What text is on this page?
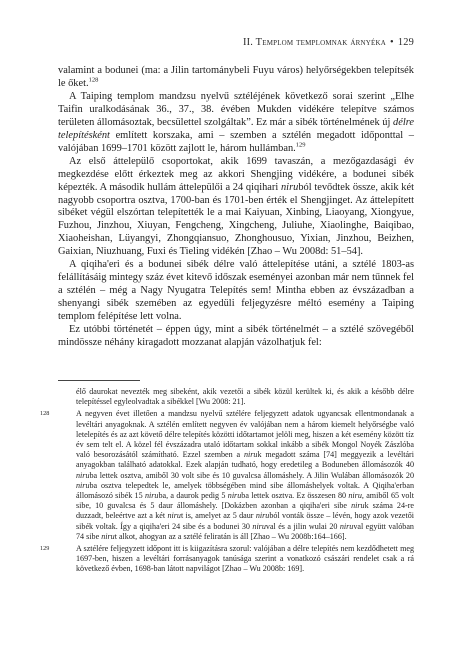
II. Templom templomnak árnyéka • 129

valamint a bodunei (ma: a Jilin tartománybeli Fuyu város) helyőrségekben telepítsék le őket.$^{128}$

A Taiping templom mandzsu nyelvű sztéléjének következő sorai szerint „Elhe Taifin uralkodásának 36., 37., 38. évében Mukden vidékére telepítve számos területen állomásoztak, becsülettel szolgáltak”. Ez már a sibék történelmének új délre telepítésként említett korszaka, ami – szemben a sztélén megadott időponttal – valójában 1699–1701 között zajlott le, három hullámban.$^{129}$

Az első áttelepülő csoportokat, akik 1699 tavaszán, a mezőgazdasági év megkezdése előtt érkeztek meg az akkori Shengjing vidékére, a bodunei sibék képezték. A második hullám áttelepülői a 24 qiqihari niruból tevődtek össze, akik két nagyobb csoportra osztva, 1700-ban és 1701-ben érték el Shengjinget. Az áttelepített sibéket végül elszórtan telepítették le a mai Kaiyuan, Xinbing, Liaoyang, Xiongyue, Fuzhou, Jinzhou, Xiuyan, Fengcheng, Xingcheng, Juliuhe, Xiaolinghe, Baiqibao, Xiaoheishan, Lüyangyi, Zhongqiansuo, Zhonghousuo, Yixian, Jinzhou, Beizhen, Gaixian, Niuzhuang, Fuxi és Tieling vidékén [Zhao – Wu 2008d: 51–54].

A qiqiha'eri és a bodunei sibék délre való áttelepítése utáni, a sztélé 1803-as felállításáig mintegy száz évet kitevő időszak eseményei azonban már nem tűnnek fel a sztélén – még a Nagy Nyugatra Telepítés sem! Mintha ebben az évszázadban a shenyangi sibék szemében az egyedüli feljegyzésre méltó esemény a Taiping templom felépítése lett volna.

Ez utóbbi történetét – éppen úgy, mint a sibék történelmét – a sztélé szövegéből mindössze néhány kiragadott mozzanat alapján vázolhatjuk fel:

élő daurokat nevezték meg sibeként, akik vezetői a sibék közül kerültek ki, és akik a később délre telepítéssel egyleolvadtak a sibékkel [Wu 2008: 21].

128	A negyven évet illetően a mandzsu nyelvű sztélére feljegyzett adatok ugyancsak ellentmondanak a levéltári anyagoknak. A sztélén említett negyven év valójában nem a három kiemelt helyőrségbe való letelepítés és az azt követő délre telepítés közötti időtartamot jelöli meg, hiszen a két esemény között tíz év sem telt el. A közel fél évszázadra utaló időtartam sokkal inkább a sibék Mongol Noyék Zászlóba való besorozásától számítható. Ezzel szemben a niruk megadott száma [74] meggyezik a levéltári anyagokban található adatokkal. Ezek alapján tudható, hogy eredetileg a Boduneben állomásozók 40 niruba lettek osztva, amiből 30 volt sibe és 10 guvalcsa állomáshely. A Jilin Wulában állomásozók 20 niruba osztva telepedtek le, amelyek többségében mind sibe állomáshelyek voltak. A Qiqiha'erban állomásozó sibék 15 niruba, a daurok pedig 5 niruba lettek osztva. Ez összesen 80 niru, amiből 65 volt sibe, 10 guvalcsa és 5 daur állomáshely. [Dokázben azonban a qiqiha'eri sibe niruk száma 24-re duzzadt, beleértve azt a két nirut is, amelyet az 5 daur niruból vonták össze – lévén, hogy azok vezetői sibék voltak. Így a qiqiha'eri 24 sibe és a bodunei 30 niruval és a jilin wulai 20 niruval együtt valóban 74 sibe nirut alkot, ahogyan az a sztélé feliratán is áll [Zhao – Wu 2008b:164–166].

129	A sztélére feljegyzett időpont itt is kiigazításra szorul: valójában a délre telepítés nem kezdődhetett meg 1697-ben, hiszen a levéltári forrásanyagok tanúsága szerint a vonatkozó császári rendelet csak a rá következő évben, 1698-ban látott napvilágot [Zhao – Wu 2008b: 169].
